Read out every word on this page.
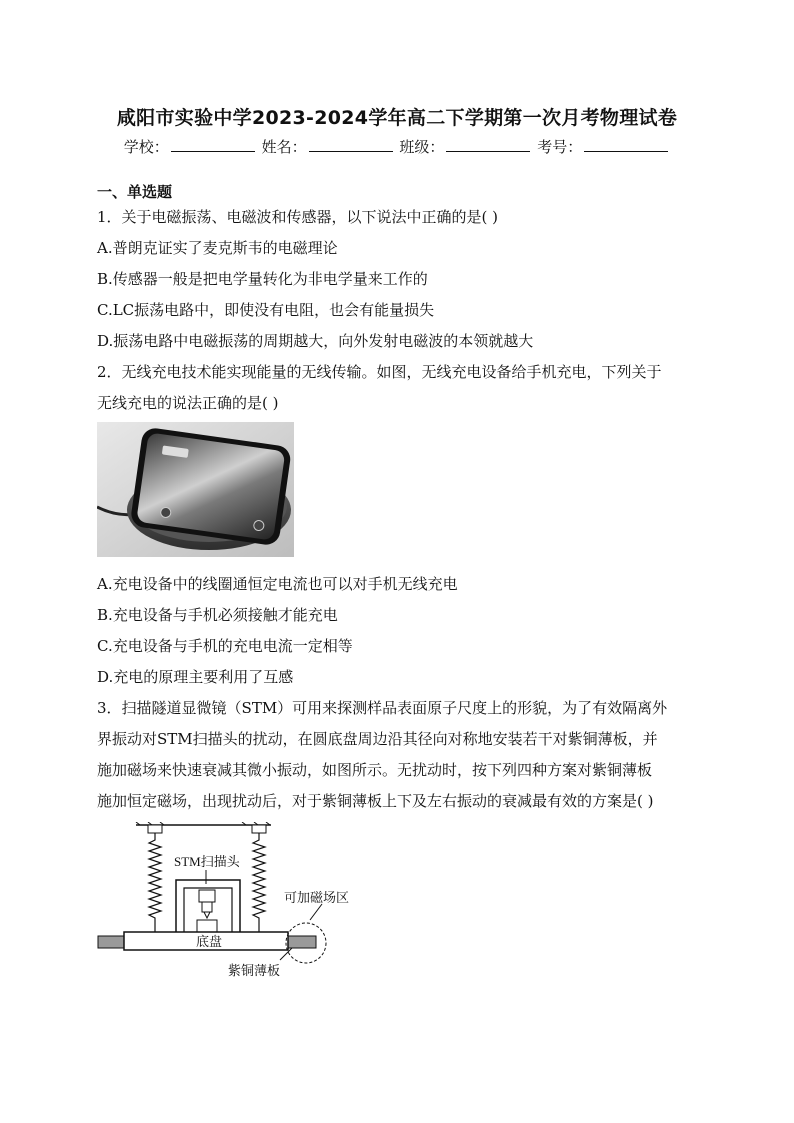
咸阳市实验中学2023-2024学年高二下学期第一次月考物理试卷
学校：	姓名：	班级：	考号：
一、单选题
1．关于电磁振荡、电磁波和传感器，以下说法中正确的是( )
A.普朗克证实了麦克斯韦的电磁理论
B.传感器一般是把电学量转化为非电学量来工作的
C.LC振荡电路中，即使没有电阻，也会有能量损失
D.振荡电路中电磁振荡的周期越大，向外发射电磁波的本领就越大
2．无线充电技术能实现能量的无线传输。如图，无线充电设备给手机充电，下列关于
无线充电的说法正确的是( )
A.充电设备中的线圈通恒定电流也可以对手机无线充电
B.充电设备与手机必须接触才能充电
C.充电设备与手机的充电电流一定相等
D.充电的原理主要利用了互感
3．扫描隧道显微镜（STM）可用来探测样品表面原子尺度上的形貌，为了有效隔离外
界振动对STM扫描头的扰动，在圆底盘周边沿其径向对称地安装若干对紫铜薄板，并
施加磁场来快速衰减其微小振动，如图所示。无扰动时，按下列四种方案对紫铜薄板
施加恒定磁场，出现扰动后，对于紫铜薄板上下及左右振动的衰减最有效的方案是( )
STM扫描头
底盘
可加磁场区
紫铜薄板
